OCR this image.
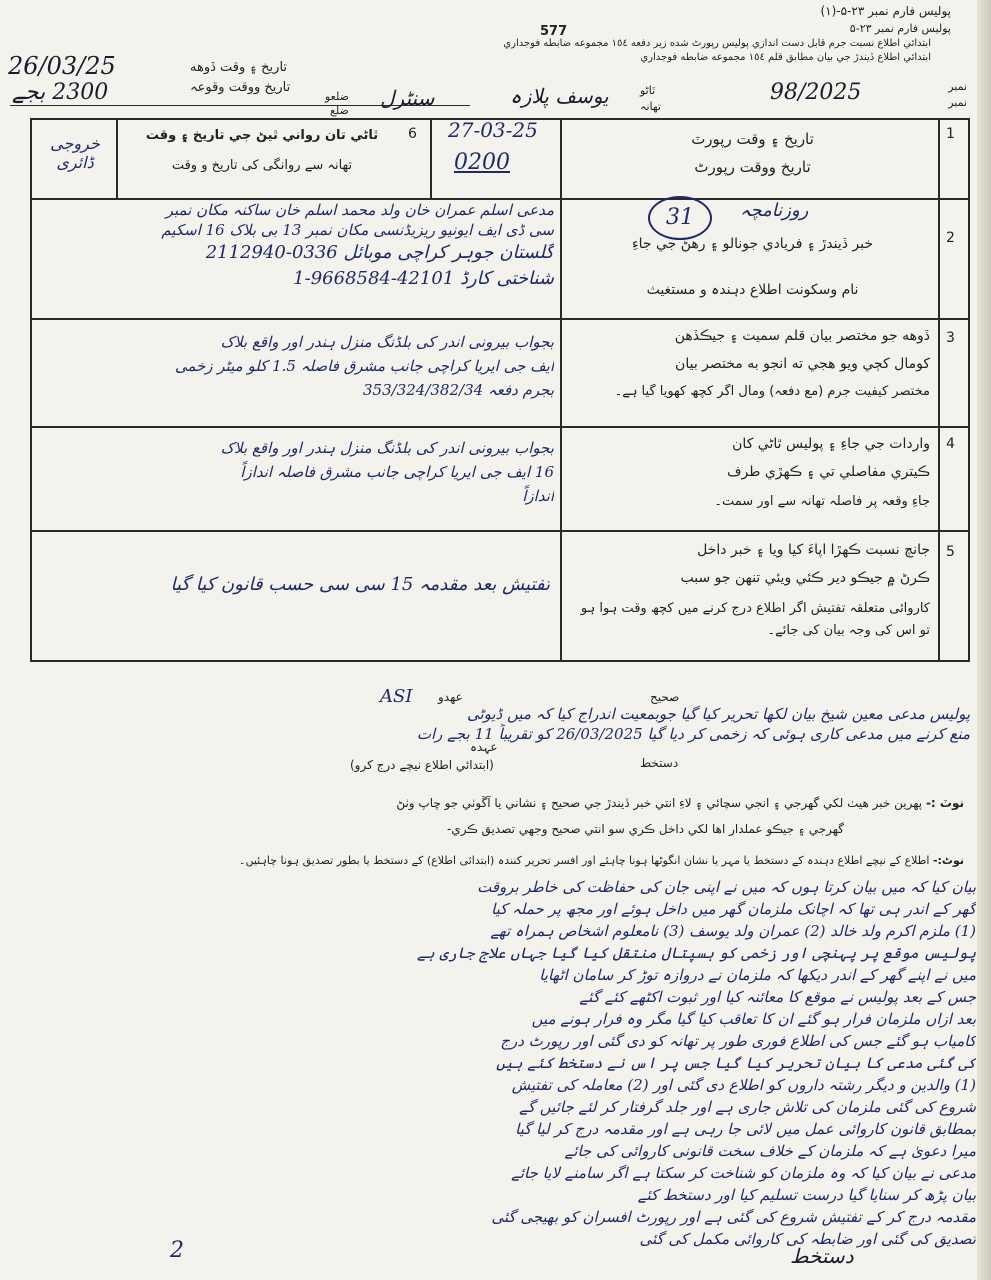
پولیس فارم نمبر ۲۳-۵-(۱)
پولیس فارم نمبر ۲۳-۵
577
ابتدائي اطلاع نسبت جرم قابل دست اندازي پوليس رپورٹ شده زير دفعه ١٥٤ مجموعه ضابطه فوجداري
ابتدائي اطلاع ڏيندڙ جي بيان مطابق قلم ١٥٤ مجموعه ضابطه فوجداري
26/03/25
2300 بجے
تاريخ ۽ وقت ڏوهه
تاریخ ووقت وقوعہ
ضلعو
ضلع
سنٹرل	ٿاڻو
تھانہ
یوسف پلازہ	98/2025	نمبر
نمبر
1
تاريخ ۽ وقت رپورٽ
تاریخ ووقت رپورٹ
27-03-25
0200
6
ٿاڻي تان رواني ٿيڻ جي تاريخ ۽ وقت
تھانہ سے روانگی کی تاریخ و وقت
خروجی ڈائری
2
31	روزنامچہ
خبر ڏيندڙ ۽ فريادي جونالو ۽ رهڻ جي جاءِ
نام وسکونت اطلاع دہندہ و مستغیث
مدعی اسلم عمران خان ولد محمد اسلم خان ساکنہ مکان نمبر
سی ڈی ایف ایونیو ریزیڈنسی مکان نمبر 13 بی بلاک 16 اسکیم
گلستان جوہر کراچی موبائل 0336-2112940
شناختی کارڈ 42101-9668584-1
3
ڏوهه جو مختصر بيان قلم سميت ۽ جيڪڏهن
كومال کڄي ويو هجي ته انجو به مختصر بيان
مختصر کیفیت جرم (مع دفعہ) ومال اگر کچھ کھویا گیا ہے۔
بجواب بیرونی اندر کی بلڈنگ منزل ہندر اور واقع بلاک
ایف جی ایریا کراچی جانب مشرق فاصلہ 1.5 کلو میٹر زخمی
بجرم دفعہ 353/324/382/34
4
واردات جي جاءِ ۽ پوليس ٿاڻي كان
ڪيتري مفاصلي تي ۽ ڪهڙي طرف
جاءِ وقعہ پر فاصلہ تھانہ سے اور سمت۔
بجواب بیرونی اندر کی بلڈنگ منزل ہندر اور واقع بلاک
16 ایف جی ایریا کراچی جانب مشرق فاصلہ اندازاً
اندازاً
5
جانچ نسبت ڪهڙا اپاءَ کيا ويا ۽ خبر داخل
ڪرڻ ۾ جيڪو دير ڪئي ويئي تنهن جو سبب
کاروائی متعلقہ تفتیش اگر اطلاع درج کرنے میں کچھ وقت ہوا ہو تو اس کی وجہ بیان کی جائے۔
تفتیش بعد مقدمہ 15 سی سی حسب قانون کیا گیا
ASI عهدو	صحیح
دستخط
عہدہ
(ابتدائي اطلاع نيچے درج كرو)
پولیس مدعی معین شیخ بیان لکھا تحریر کیا گیا جوبمعیت اندراج کیا کہ میں ڈیوٹی
منع کرنے میں مدعی کاری ہوئی کہ زخمی کر دیا گیا 26/03/2025 کو تقریباً 11 بجے رات
نوٽ :- پهرين خبر هيٺ لکي گهرجي ۽ انجي سچائي ۽ لاءِ انتي خبر ڏيندڙ جي صحيح ۽ نشاني يا آڱوٺي جو ڇاپ وٺڻ
گهرجي ۽ جيڪو عملدار اها لکي داخل ڪري سو انتي صحيح وجهي تصديق ڪري-
نوٹ:- اطلاع کے نیچے اطلاع دہندہ کے دستخط یا مہر یا نشان انگوٹھا ہونا چاہئے اور افسر تحریر کنندہ (ابتدائی اطلاع) کے دستخط یا بطور تصدیق ہونا چاہئیں۔
بیان کیا کہ میں بیان کرتا ہوں کہ میں نے اپنی جان کی حفاظت کی خاطر بروقت
گھر کے اندر ہی تھا کہ اچانک ملزمان گھر میں داخل ہوئے اور مجھ پر حملہ کیا
(1) ملزم اکرم ولد خالد (2) عمران ولد یوسف (3) نامعلوم اشخاص ہمراہ تھے
پولیس موقع پر پہنچی اور زخمی کو ہسپتال منتقل کیا گیا جہاں علاج جاری ہے
میں نے اپنے گھر کے اندر دیکھا کہ ملزمان نے دروازہ توڑ کر سامان اٹھایا
جس کے بعد پولیس نے موقع کا معائنہ کیا اور ثبوت اکٹھے کئے گئے
بعد ازاں ملزمان فرار ہو گئے ان کا تعاقب کیا گیا مگر وہ فرار ہونے میں
کامیاب ہو گئے جس کی اطلاع فوری طور پر تھانہ کو دی گئی اور رپورٹ درج
کی گئی مدعی کا بیان تحریر کیا گیا جس پر اس نے دستخط کئے ہیں
(1) والدین و دیگر رشتہ داروں کو اطلاع دی گئی اور (2) معاملہ کی تفتیش
شروع کی گئی ملزمان کی تلاش جاری ہے اور جلد گرفتار کر لئے جائیں گے
بمطابق قانون کاروائی عمل میں لائی جا رہی ہے اور مقدمہ درج کر لیا گیا
میرا دعویٰ ہے کہ ملزمان کے خلاف سخت قانونی کاروائی کی جائے
مدعی نے بیان کیا کہ وہ ملزمان کو شناخت کر سکتا ہے اگر سامنے لایا جائے
بیان پڑھ کر سنایا گیا درست تسلیم کیا اور دستخط کئے
مقدمہ درج کر کے تفتیش شروع کی گئی ہے اور رپورٹ افسران کو بھیجی گئی
تصدیق کی گئی اور ضابطہ کی کاروائی مکمل کی گئی
2	دستخط
